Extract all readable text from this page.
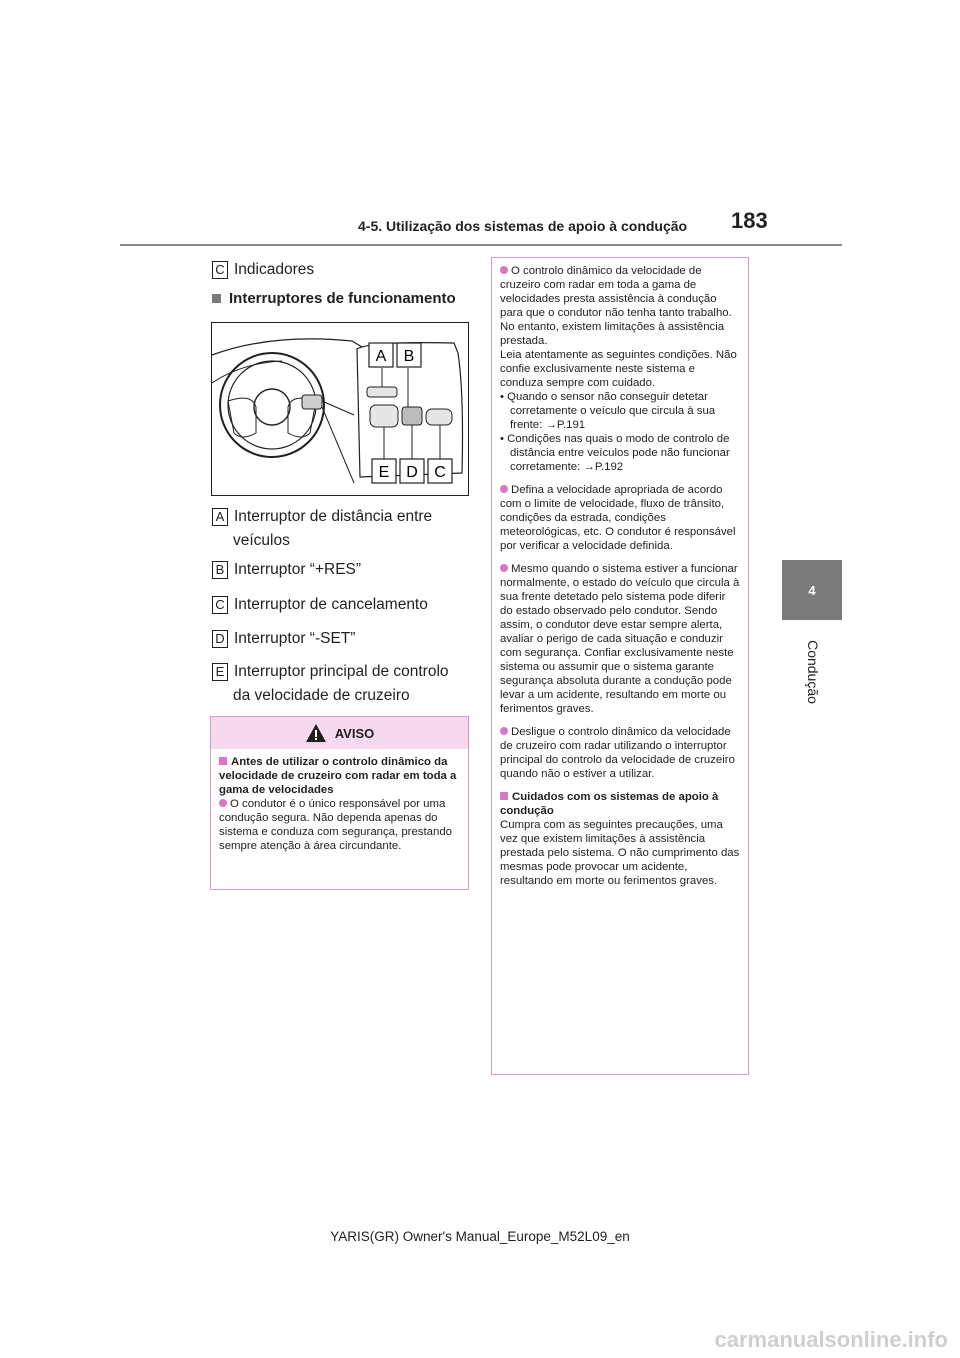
4-5. Utilização dos sistemas de apoio à condução 183
4
Condução
C Indicadores
Interruptores de funcionamento
A B
E D C
A Interruptor de distância entre
veículos
B Interruptor “+RES”
C Interruptor de cancelamento
D Interruptor “-SET”
E Interruptor principal de controlo
da velocidade de cruzeiro
AVISO
Antes de utilizar o controlo dinâmico da velocidade de cruzeiro com radar em toda a gama de velocidades
O condutor é o único responsável por uma condução segura. Não dependa apenas do sistema e conduza com segurança, prestando sempre atenção à área circundante.
O controlo dinâmico da velocidade de cruzeiro com radar em toda a gama de velocidades presta assistência à condução para que o condutor não tenha tanto trabalho. No entanto, existem limitações à assistência prestada.
Leia atentamente as seguintes condições. Não confie exclusivamente neste sistema e conduza sempre com cuidado.
• Quando o sensor não conseguir detetar corretamente o veículo que circula à sua frente: →P.191
• Condições nas quais o modo de controlo de distância entre veículos pode não funcionar corretamente: →P.192
Defina a velocidade apropriada de acordo com o limite de velocidade, fluxo de trânsito, condições da estrada, condições meteorológicas, etc. O condutor é responsável por verificar a velocidade definida.
Mesmo quando o sistema estiver a funcionar normalmente, o estado do veículo que circula à sua frente detetado pelo sistema pode diferir do estado observado pelo condutor. Sendo assim, o condutor deve estar sempre alerta, avaliar o perigo de cada situação e conduzir com segurança. Confiar exclusivamente neste sistema ou assumir que o sistema garante segurança absoluta durante a condução pode levar a um acidente, resultando em morte ou ferimentos graves.
Desligue o controlo dinâmico da velocidade de cruzeiro com radar utilizando o interruptor principal do controlo da velocidade de cruzeiro quando não o estiver a utilizar.
Cuidados com os sistemas de apoio à condução
Cumpra com as seguintes precauções, uma vez que existem limitações à assistência prestada pelo sistema. O não cumprimento das mesmas pode provocar um acidente, resultando em morte ou ferimentos graves.
YARIS(GR) Owner's Manual_Europe_M52L09_en
carmanualsonline.info
